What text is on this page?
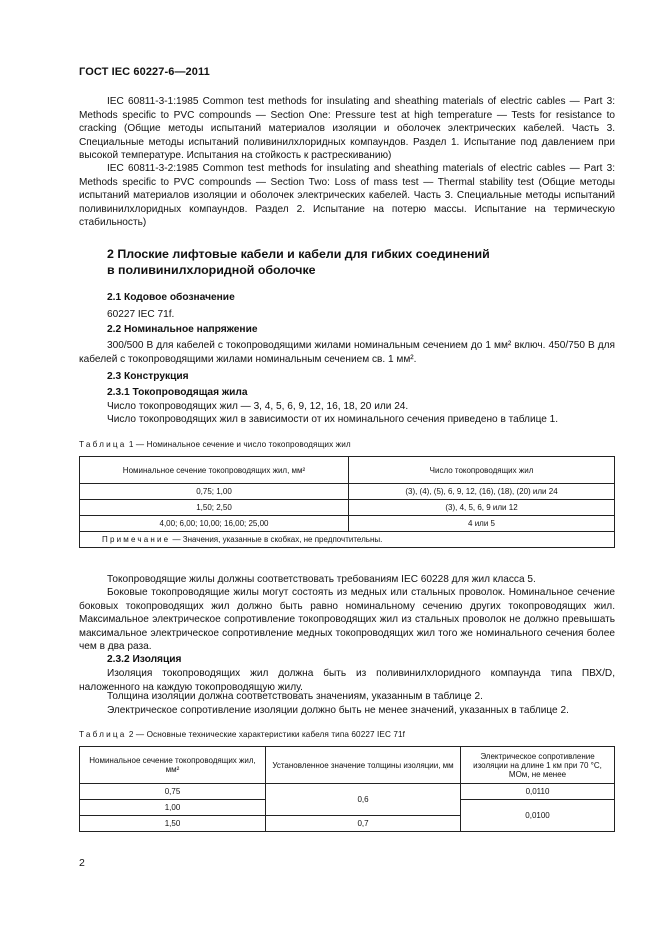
ГОСТ IEC 60227-6—2011

IEC 60811-3-1:1985 Common test methods for insulating and sheathing materials of electric cables — Part 3: Methods specific to PVC compounds — Section One: Pressure test at high temperature — Tests for resistance to cracking (Общие методы испытаний материалов изоляции и оболочек электрических кабелей. Часть 3. Специальные методы испытаний поливинилхлоридных компаундов. Раздел 1. Испытание под давлением при высокой температуре. Испытания на стойкость к растрескиванию)

IEC 60811-3-2:1985 Common test methods for insulating and sheathing materials of electric cables — Part 3: Methods specific to PVC compounds — Section Two: Loss of mass test — Thermal stability test (Общие методы испытаний материалов изоляции и оболочек электрических кабелей. Часть 3. Специальные методы испытаний поливинилхлоридных компаундов. Раздел 2. Испытание на потерю массы. Испытание на термическую стабильность)

2 Плоские лифтовые кабели и кабели для гибких соединений
в поливинилхлоридной оболочке
2.1 Кодовое обозначение
60227 IEC 71f.
2.2 Номинальное напряжение

300/500 В для кабелей с токопроводящими жилами номинальным сечением до 1 мм² включ. 450/750 В для кабелей с токопроводящими жилами номинальным сечением св. 1 мм².

2.3 Конструкция
2.3.1 Токопроводящая жила
Число токопроводящих жил — 3, 4, 5, 6, 9, 12, 16, 18, 20 или 24.
Число токопроводящих жил в зависимости от их номинального сечения приведено в таблице 1.
Таблица 1 — Номинальное сечение и число токопроводящих жил
Номинальное сечение токопроводящих жил, мм²	Число токопроводящих жил
0,75; 1,00	(3), (4), (5), 6, 9, 12, (16), (18), (20) или 24
1,50; 2,50	(3), 4, 5, 6, 9 или 12
4,00; 6,00; 10,00; 16,00; 25,00	4 или 5
Примечание — Значения, указанные в скобках, не предпочтительны.	
Токопроводящие жилы должны соответствовать требованиям IEC 60228 для жил класса 5.

Боковые токопроводящие жилы могут состоять из медных или стальных проволок. Номинальное сечение боковых токопроводящих жил должно быть равно номинальному сечению других токопроводящих жил. Максимальное электрическое сопротивление токопроводящих жил из стальных проволок не должно превышать максимальное электрическое сопротивление медных токопроводящих жил того же номинального сечения более чем в два раза.

2.3.2 Изоляция

Изоляция токопроводящих жил должна быть из поливинилхлоридного компаунда типа ПВХ/D, наложенного на каждую токопроводящую жилу.

Толщина изоляции должна соответствовать значениям, указанным в таблице 2.
Электрическое сопротивление изоляции должно быть не менее значений, указанных в таблице 2.
Таблица 2 — Основные технические характеристики кабеля типа 60227 IEC 71f
Номинальное сечение токопроводящих жил, мм²	Установленное значение толщины изоляции, мм	Электрическое сопротивление изоляции на длине 1 км при 70 °С, МОм, не менее
0,75	0,6	0,0110
1,00		0,0100
1,50	0,7	
2
